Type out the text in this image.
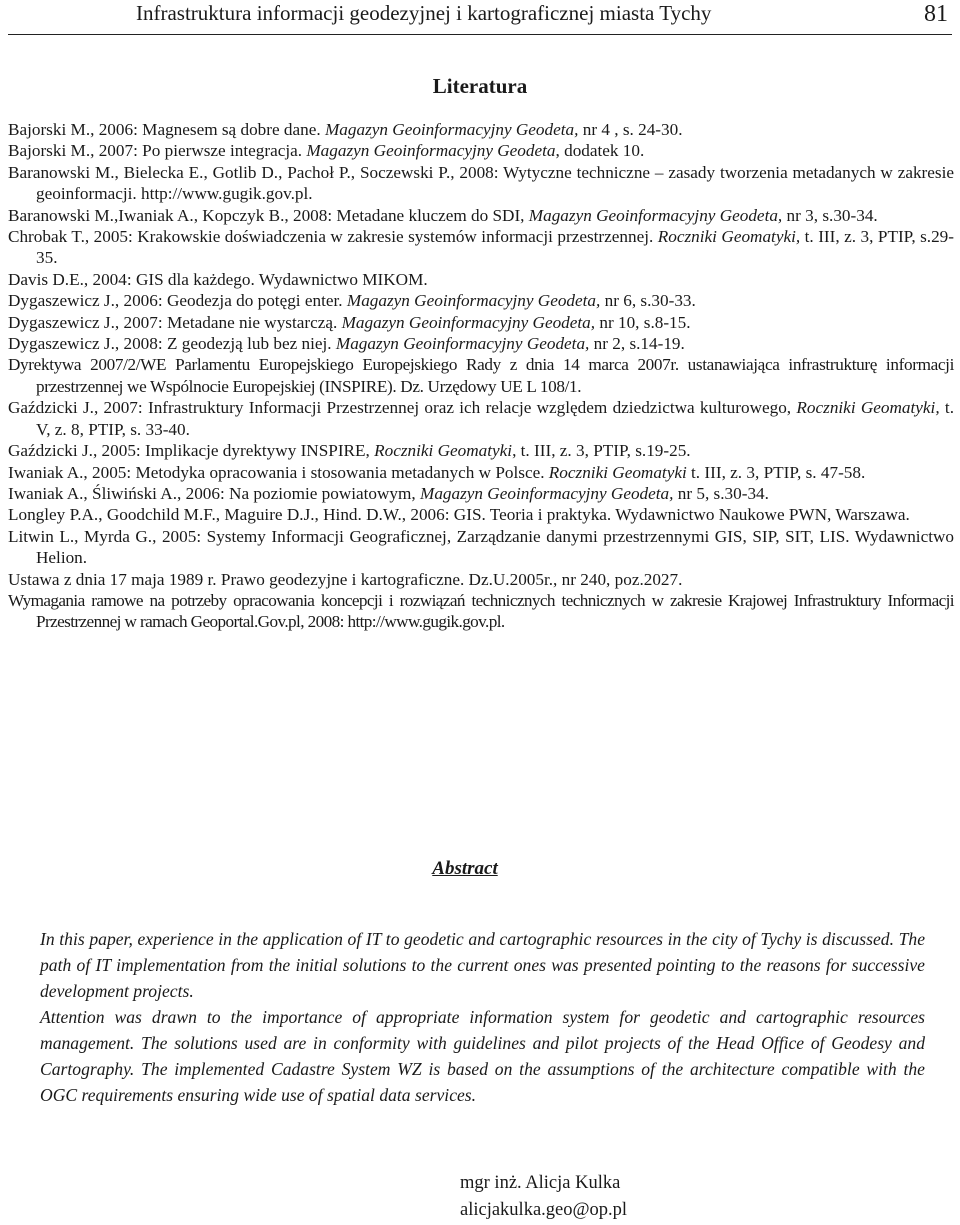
Infrastruktura informacji geodezyjnej i kartograficznej miasta Tychy	81
Literatura
Bajorski M., 2006: Magnesem są dobre dane. Magazyn Geoinformacyjny Geodeta, nr 4 , s. 24-30.
Bajorski M., 2007: Po pierwsze integracja. Magazyn Geoinformacyjny Geodeta, dodatek 10.
Baranowski M., Bielecka E., Gotlib D., Pachoł P., Soczewski P., 2008: Wytyczne techniczne – zasady tworzenia metadanych w zakresie geoinformacji. http://www.gugik.gov.pl.
Baranowski M.,Iwaniak A., Kopczyk B., 2008: Metadane kluczem do SDI, Magazyn Geoinformacyjny Geodeta, nr 3, s.30-34.
Chrobak T., 2005: Krakowskie doświadczenia w zakresie systemów informacji przestrzennej. Roczniki Geomatyki, t. III, z. 3, PTIP, s.29-35.
Davis D.E., 2004: GIS dla każdego. Wydawnictwo MIKOM.
Dygaszewicz J., 2006: Geodezja do potęgi enter. Magazyn Geoinformacyjny Geodeta, nr 6, s.30-33.
Dygaszewicz J., 2007: Metadane nie wystarczą. Magazyn Geoinformacyjny Geodeta, nr 10, s.8-15.
Dygaszewicz J., 2008: Z geodezją lub bez niej. Magazyn Geoinformacyjny Geodeta, nr 2, s.14-19.
Dyrektywa 2007/2/WE Parlamentu Europejskiego Europejskiego Rady z dnia 14 marca 2007r. ustanawiająca infrastrukturę informacji przestrzennej we Wspólnocie Europejskiej (INSPIRE). Dz. Urzędowy UE L 108/1.
Gaździcki J., 2007: Infrastruktury Informacji Przestrzennej oraz ich relacje względem dziedzictwa kulturowego, Roczniki Geomatyki, t. V, z. 8, PTIP, s. 33-40.
Gaździcki J., 2005: Implikacje dyrektywy INSPIRE, Roczniki Geomatyki, t. III, z. 3, PTIP, s.19-25.
Iwaniak A., 2005: Metodyka opracowania i stosowania metadanych w Polsce. Roczniki Geomatyki t. III, z. 3, PTIP, s. 47-58.
Iwaniak A., Śliwiński A., 2006: Na poziomie powiatowym, Magazyn Geoinformacyjny Geodeta, nr 5, s.30-34.
Longley P.A., Goodchild M.F., Maguire D.J., Hind. D.W., 2006: GIS. Teoria i praktyka. Wydawnictwo Naukowe PWN, Warszawa.
Litwin L., Myrda G., 2005: Systemy Informacji Geograficznej, Zarządzanie danymi przestrzennymi GIS, SIP, SIT, LIS. Wydawnictwo Helion.
Ustawa z dnia 17 maja 1989 r. Prawo geodezyjne i kartograficzne. Dz.U.2005r., nr 240, poz.2027.
Wymagania ramowe na potrzeby opracowania koncepcji i rozwiązań technicznych technicznych w zakresie Krajowej Infrastruktury Informacji Przestrzennej w ramach Geoportal.Gov.pl, 2008: http://www.gugik.gov.pl.
Abstract

In this paper, experience in the application of IT to geodetic and cartographic resources in the city of Tychy is discussed. The path of IT implementation from the initial solutions to the current ones was presented pointing to the reasons for successive development projects.

Attention was drawn to the importance of appropriate information system for geodetic and cartographic resources management. The solutions used are in conformity with guidelines and pilot projects of the Head Office of Geodesy and Cartography. The implemented Cadastre System WZ is based on the assumptions of the architecture compatible with the OGC requirements ensuring wide use of spatial data services.

mgr inż. Alicja Kulka
alicjakulka.geo@op.pl
